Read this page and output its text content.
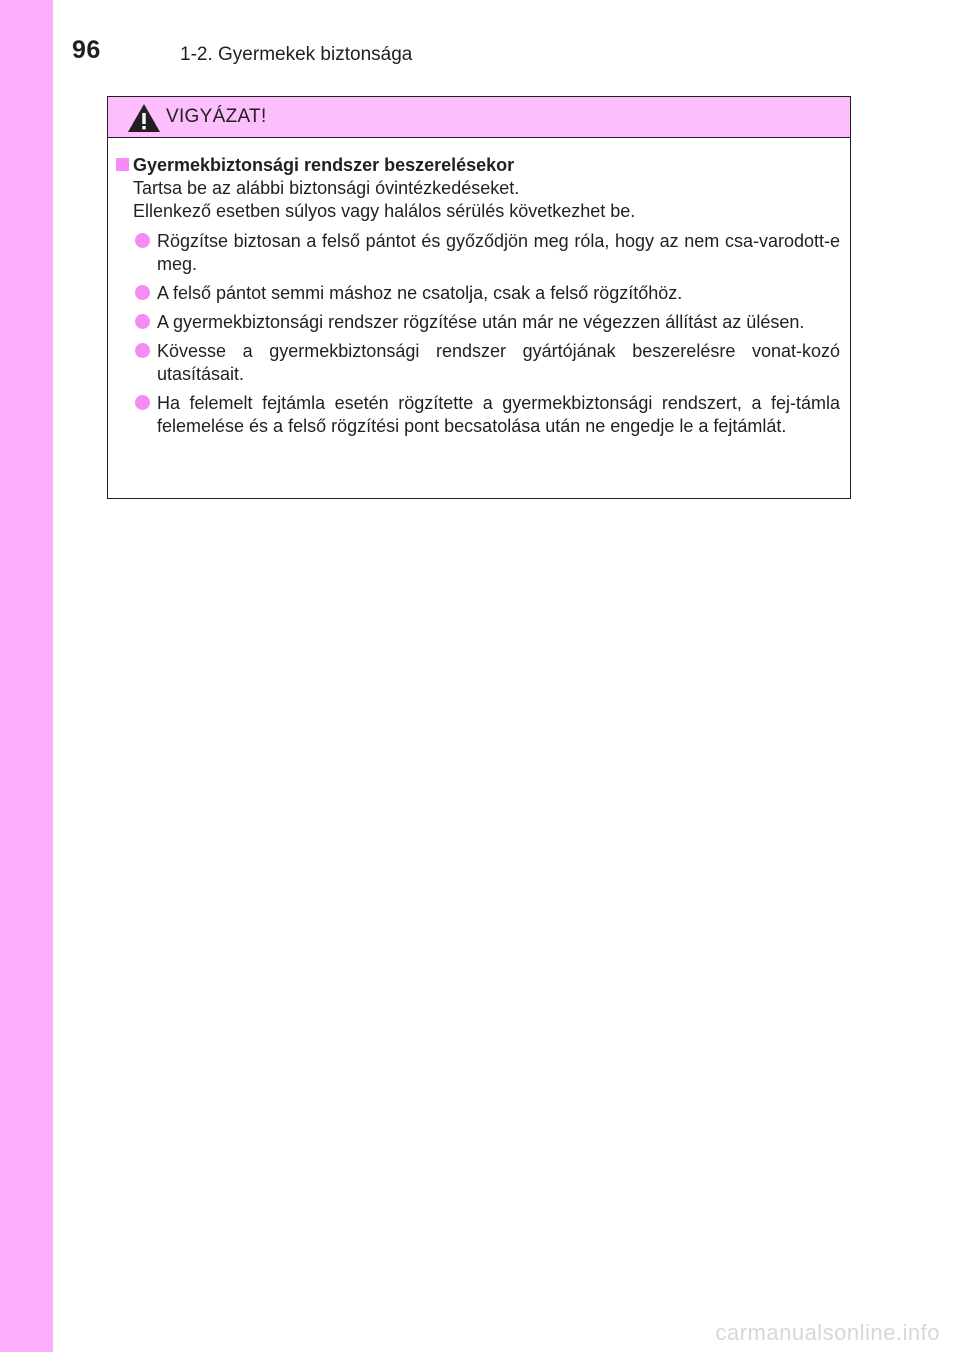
96	1-2. Gyermekek biztonsága
VIGYÁZAT!
Gyermekbiztonsági rendszer beszerelésekor
Tartsa be az alábbi biztonsági óvintézkedéseket.
Ellenkező esetben súlyos vagy halálos sérülés következhet be.
Rögzítse biztosan a felső pántot és győződjön meg róla, hogy az nem csa-varodott-e meg.
A felső pántot semmi máshoz ne csatolja, csak a felső rögzítőhöz.
A gyermekbiztonsági rendszer rögzítése után már ne végezzen állítást az ülésen.
Kövesse a gyermekbiztonsági rendszer gyártójának beszerelésre vonat-kozó utasításait.
Ha felemelt fejtámla esetén rögzítette a gyermekbiztonsági rendszert, a fej-támla felemelése és a felső rögzítési pont becsatolása után ne engedje le a fejtámlát.
carmanualsonline.info
